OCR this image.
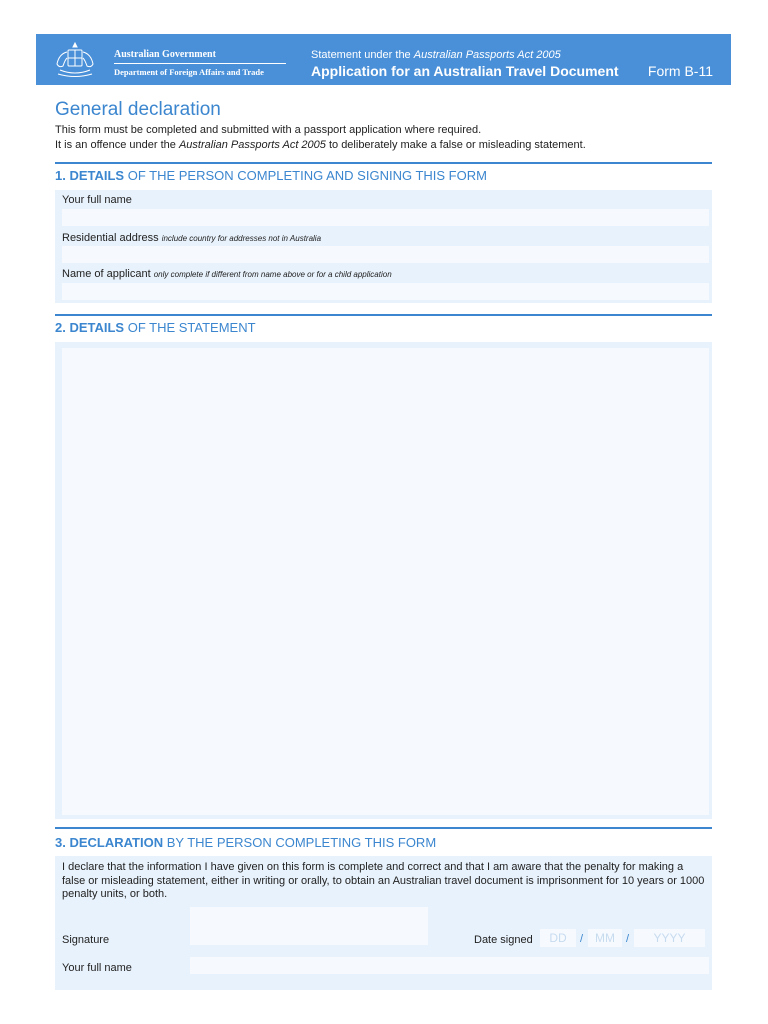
Australian Government
Department of Foreign Affairs and Trade
Statement under the Australian Passports Act 2005
Application for an Australian Travel Document Form B-11
General declaration
This form must be completed and submitted with a passport application where required.
It is an offence under the Australian Passports Act 2005 to deliberately make a false or misleading statement.
1. DETAILS OF THE PERSON COMPLETING AND SIGNING THIS FORM
Your full name
Residential address include country for addresses not in Australia
Name of applicant only complete if different from name above or for a child application
2. DETAILS OF THE STATEMENT
3. DECLARATION BY THE PERSON COMPLETING THIS FORM
I declare that the information I have given on this form is complete and correct and that I am aware that the penalty for making a false or misleading statement, either in writing or orally, to obtain an Australian travel document is imprisonment for 10 years or 1000 penalty units, or both.
Signature	Date signed	DD	/ MM	/	YYYY
Your full name
